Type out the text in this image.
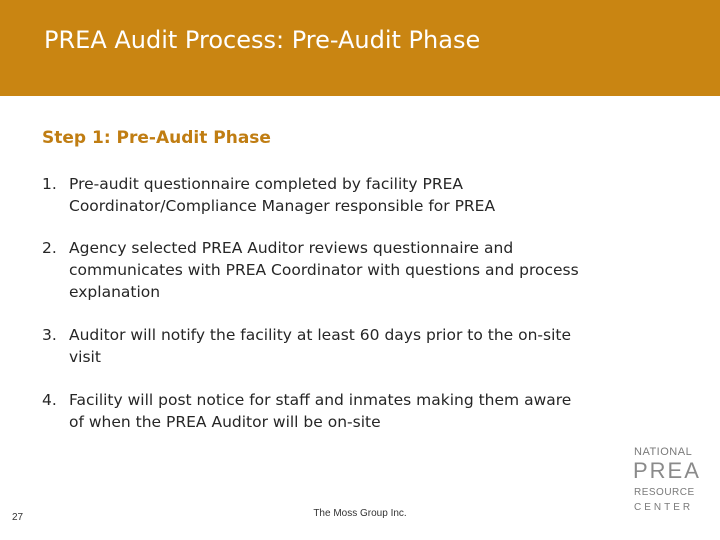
PREA Audit Process: Pre-Audit Phase
Step 1: Pre-Audit Phase
1. Pre-audit questionnaire completed by facility PREA
Coordinator/Compliance Manager responsible for PREA
2. Agency selected PREA Auditor reviews questionnaire and
communicates with PREA Coordinator with questions and process explanation
3. Auditor will notify the facility at least 60 days prior to the on-site
visit
4. Facility will post notice for staff and inmates making them aware
of when the PREA Auditor will be on-site
27	The Moss Group Inc.
NATIONAL
PREA
RESOURCE
CENTER
